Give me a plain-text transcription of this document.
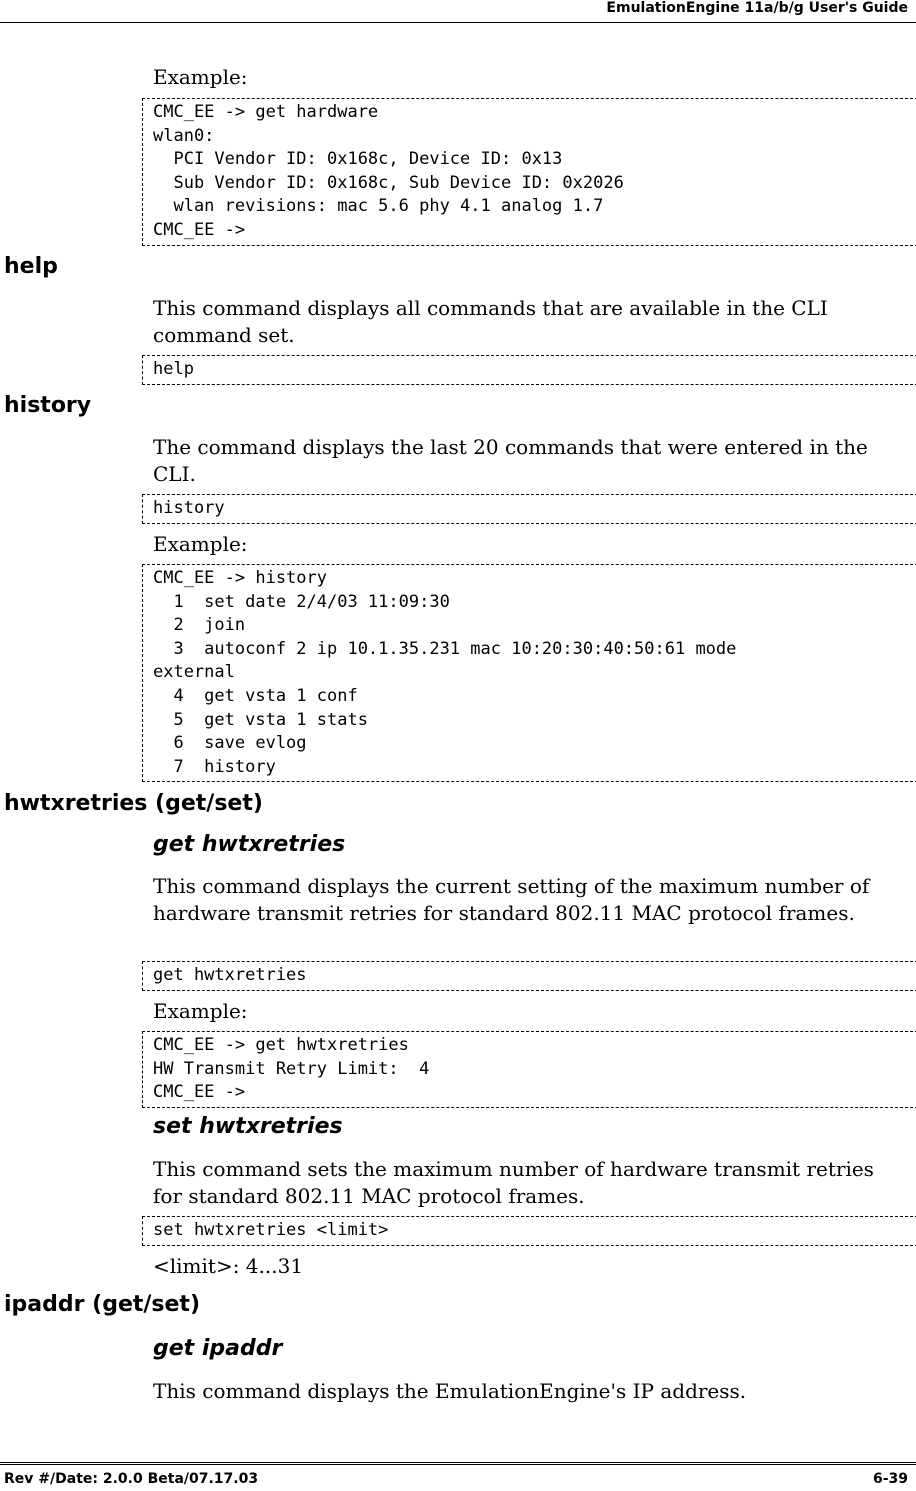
EmulationEngine 11a/b/g User's Guide

Example:

CMC_EE -> get hardware
wlan0:
PCI Vendor ID: 0x168c, Device ID: 0x13
Sub Vendor ID: 0x168c, Sub Device ID: 0x2026
wlan revisions: mac 5.6 phy 4.1 analog 1.7
CMC_EE ->
help

This command displays all commands that are available in the CLI command set.

help
history

The command displays the last 20 commands that were entered in the CLI.

history

Example:

CMC_EE -> history
1  set date 2/4/03 11:09:30
2  join
3  autoconf 2 ip 10.1.35.231 mac 10:20:30:40:50:61 mode
external
4  get vsta 1 conf
5  get vsta 1 stats
6  save evlog
7  history
hwtxretries (get/set)
get hwtxretries

This command displays the current setting of the maximum number of hardware transmit retries for standard 802.11 MAC protocol frames.

get hwtxretries

Example:

CMC_EE -> get hwtxretries
HW Transmit Retry Limit:  4
CMC_EE ->
set hwtxretries

This command sets the maximum number of hardware transmit retries for standard 802.11 MAC protocol frames.

set hwtxretries <limit>

<limit>: 4...31

ipaddr (get/set)
get ipaddr

This command displays the EmulationEngine's IP address.

Rev #/Date: 2.0.0 Beta/07.17.03	6-39
